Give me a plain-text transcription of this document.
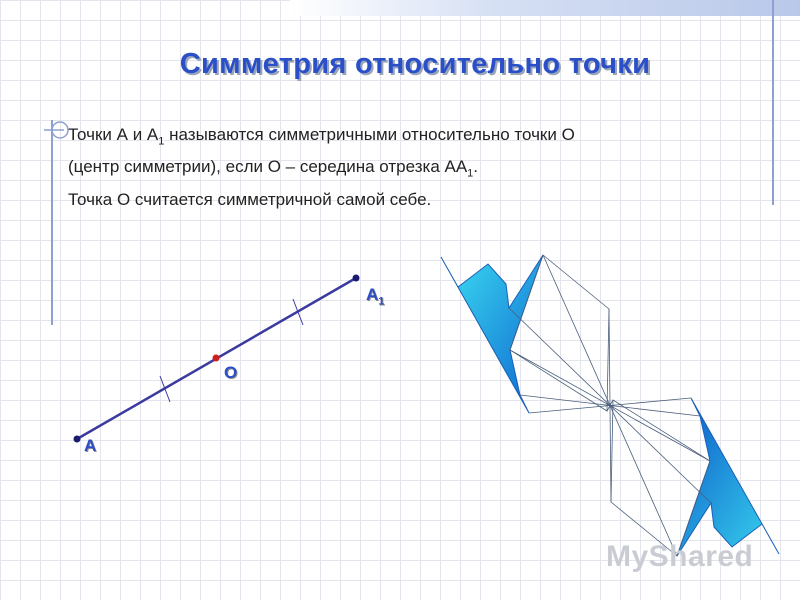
Симметрия относительно точки
Точки А и $А_1$ называются симметричными относительно точки О
(центр симметрии), если О – середина отрезка $АА_1$.
Точка О считается симметричной самой себе.
А
О
$А_1$
MyShared
